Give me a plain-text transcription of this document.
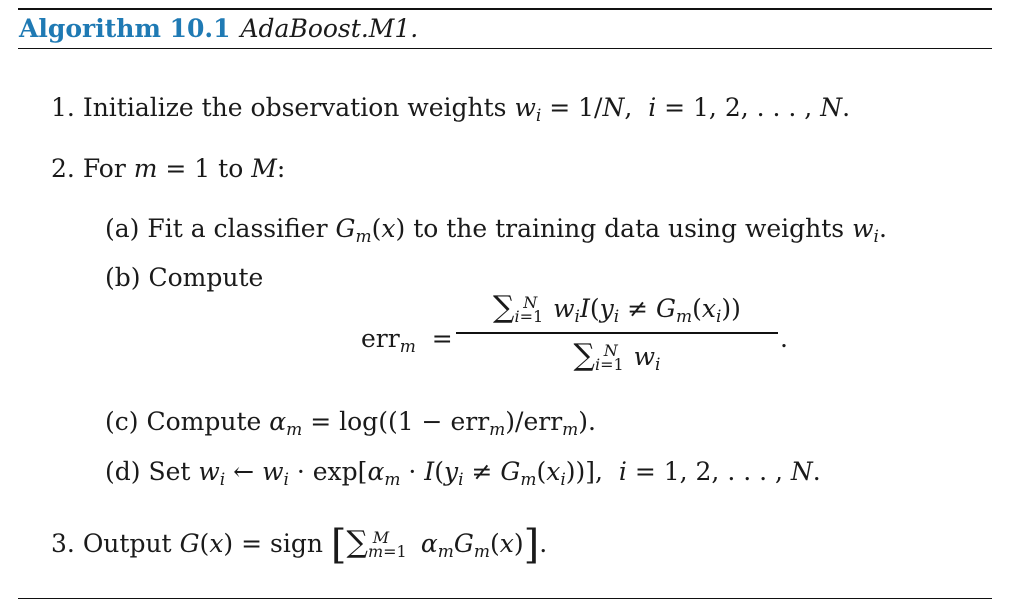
Algorithm 10.1 AdaBoost.M1.
1. Initialize the observation weights $w_i = 1/N$,  i = 1, 2, . . . , N.
2. For m = 1 to M:
(a) Fit a classifier $G_m(x)$ to the training data using weights $w_i$.
(b) Compute
err$_m$  =
$\sum_{i=1}^N$ $w_iI(y_i \ne G_m(x_i))$
$\sum_{i=1}^N$ $w_i$
.
(c) Compute $\alpha_m = \log((1 - err_m)/err_m)$.
(d) Set $w_i$ ← $w_i \cdot \exp[\alpha_m \cdot I(y_i \ne G_m(x_i))]$,  i = 1, 2, . . . , N.
3. Output G(x) = sign [$\sum_{m=1}^M$ $\alpha_mG_m(x)$].
